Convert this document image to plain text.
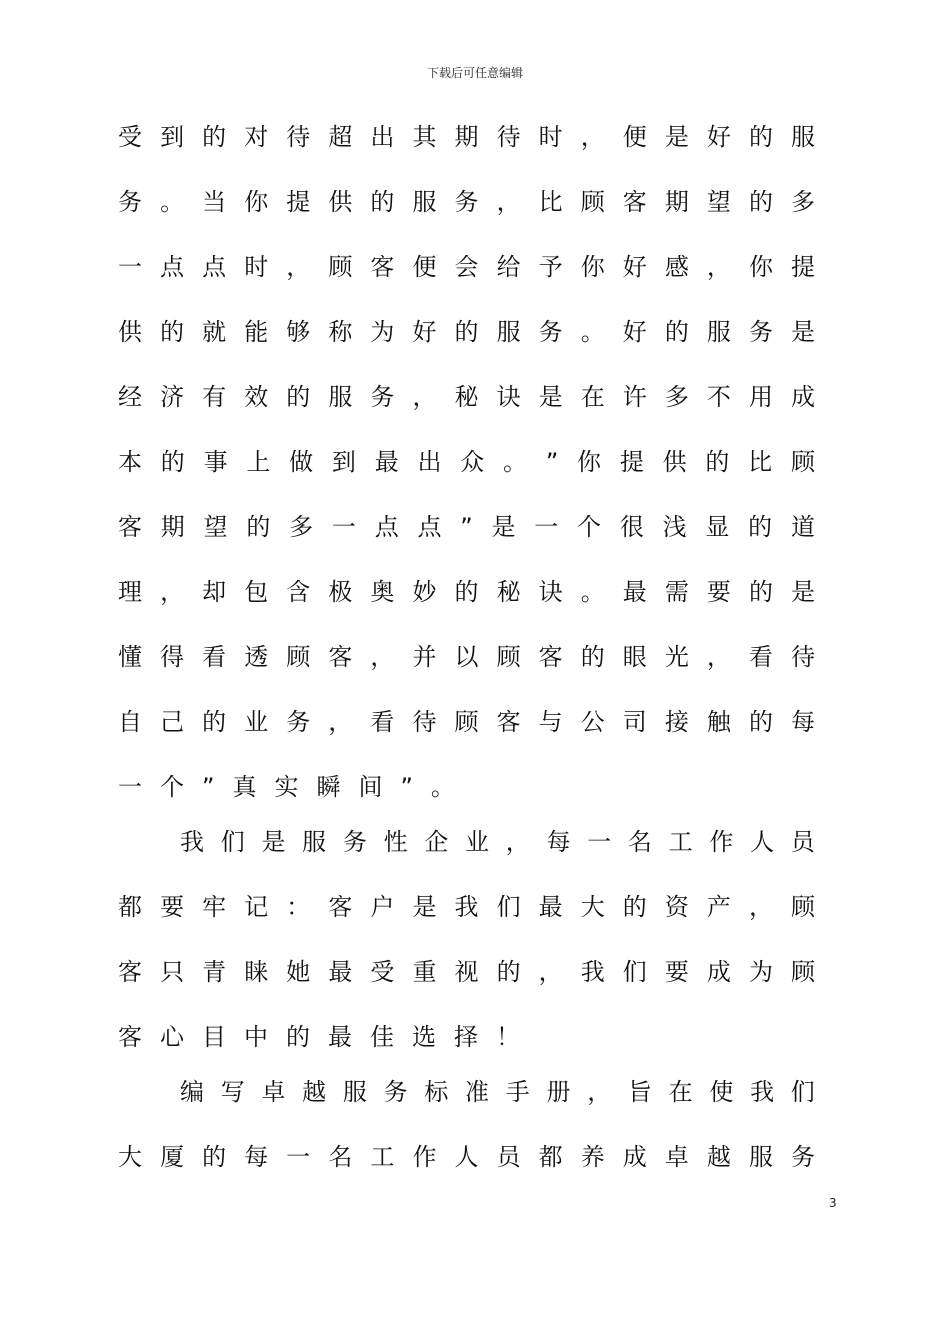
下载后可任意编辑
受 到 的 对 待 超 出 其 期 待 时 ， 便 是 好 的 服
务 。 当 你 提 供 的 服 务 ， 比 顾 客 期 望 的 多
一 点 点 时 ， 顾 客 便 会 给 予 你 好 感 ， 你 提
供 的 就 能 够 称 为 好 的 服 务 。 好 的 服 务 是
经 济 有 效 的 服 务 ， 秘 诀 是 在 许 多 不 用 成
本 的 事 上 做 到 最 出 众 。 ” 你 提 供 的 比 顾
客 期 望 的 多 一 点 点 ” 是 一 个 很 浅 显 的 道
理 ， 却 包 含 极 奥 妙 的 秘 诀 。 最 需 要 的 是
懂 得 看 透 顾 客 ， 并 以 顾 客 的 眼 光 ， 看 待
自 己 的 业 务 ， 看 待 顾 客 与 公 司 接 触 的 每
一 个 ” 真 实 瞬 间 ” 。
我 们 是 服 务 性 企 业 ， 每 一 名 工 作 人 员
都 要 牢 记 ： 客 户 是 我 们 最 大 的 资 产 ， 顾
客 只 青 睐 她 最 受 重 视 的 ， 我 们 要 成 为 顾
客 心 目 中 的 最 佳 选 择 ！
编 写 卓 越 服 务 标 准 手 册 ， 旨 在 使 我 们
大 厦 的 每 一 名 工 作 人 员 都 养 成 卓 越 服 务
3
